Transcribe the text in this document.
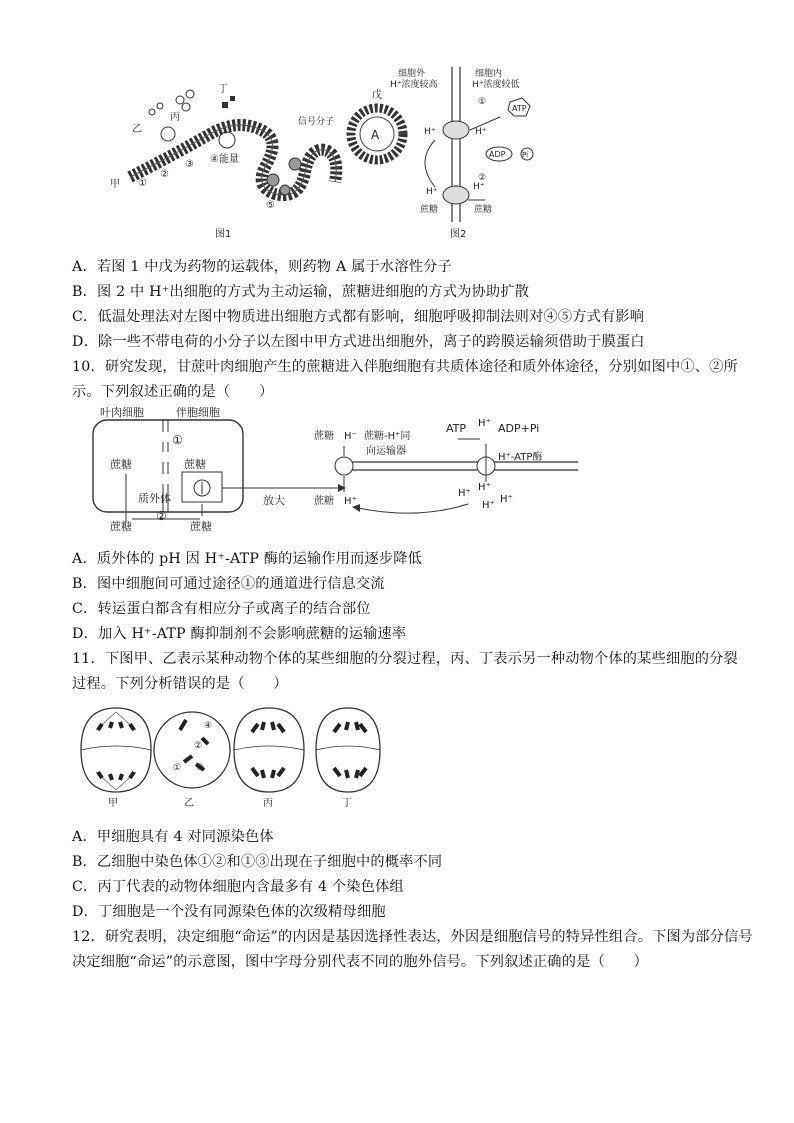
A
戊
信号分子
甲
乙
丙
丁
④能量
①
②
③
⑤
图1
细胞外
H⁺浓度较高
细胞内
H⁺浓度较低
ATP
ADP Pi
H⁺	H⁺
H⁺	H⁺
蔗糖	蔗糖
①
②
图2
A．若图 1 中戊为药物的运载体，则药物 A 属于水溶性分子
B．图 2 中 H⁺出细胞的方式为主动运输，蔗糖进细胞的方式为协助扩散
C．低温处理法对左图中物质进出细胞方式都有影响，细胞呼吸抑制法则对④⑤方式有影响
D．除一些不带电荷的小分子以左图中甲方式进出细胞外，离子的跨膜运输须借助于膜蛋白
10．研究发现，甘蔗叶肉细胞产生的蔗糖进入伴胞细胞有共质体途径和质外体途径，分别如图中①、②所
示。下列叙述正确的是（　　）
叶肉细胞	伴胞细胞
①
蔗糖	蔗糖
质外体
②
蔗糖	蔗糖
放大
蔗糖 H⁻ 蔗糖-H⁺同
向运输器
ATP H⁺ ADP+Pi
H⁺-ATP酶
蔗糖 H⁺
H⁺
H⁺
H⁺
H⁺
A．质外体的 pH 因 H⁺-ATP 酶的运输作用而逐步降低
B．图中细胞间可通过途径①的通道进行信息交流
C．转运蛋白都含有相应分子或离子的结合部位
D．加入 H⁺-ATP 酶抑制剂不会影响蔗糖的运输速率
11．下图甲、乙表示某种动物个体的某些细胞的分裂过程，丙、丁表示另一种动物个体的某些细胞的分裂
过程。下列分析错误的是（　　）
甲
④
②
① ③
乙	丙	丁
A．甲细胞具有 4 对同源染色体
B．乙细胞中染色体①②和①③出现在子细胞中的概率不同
C．丙丁代表的动物体细胞内含最多有 4 个染色体组
D．丁细胞是一个没有同源染色体的次级精母细胞
12．研究表明，决定细胞“命运”的内因是基因选择性表达，外因是细胞信号的特异性组合。下图为部分信号
决定细胞“命运”的示意图，图中字母分别代表不同的胞外信号。下列叙述正确的是（　　）
